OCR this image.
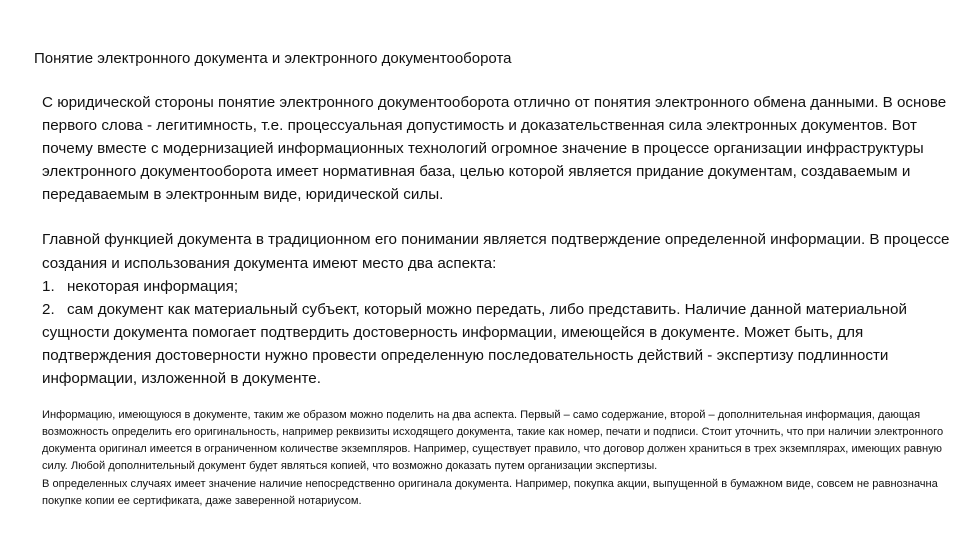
Понятие электронного документа и электронного документооборота

С юридической стороны понятие электронного документооборота отлично от понятия электронного обмена данными. В основе первого слова - легитимность, т.е. процессуальная допустимость и доказательственная сила электронных документов. Вот почему вместе с модернизацией информационных технологий огромное значение в процессе организации инфраструктуры электронного документооборота имеет нормативная база, целью которой является придание документам, создаваемым и передаваемым в электронным виде, юридической силы.

Главной функцией документа в традиционном его понимании является подтверждение определенной информации. В процессе создания и использования документа имеют место два аспекта:

1. некоторая информация;

2. сам документ как материальный субъект, который можно передать, либо представить. Наличие данной материальной сущности документа помогает подтвердить достоверность информации, имеющейся в документе. Может быть, для подтверждения достоверности нужно провести определенную последовательность действий - экспертизу подлинности информации, изложенной в документе.

Информацию, имеющуюся в документе, таким же образом можно поделить на два аспекта. Первый – само содержание, второй – дополнительная информация, дающая возможность определить его оригинальность, например реквизиты исходящего документа, такие как номер, печати и подписи. Стоит уточнить, что при наличии электронного документа оригинал имеется в ограниченном количестве экземпляров. Например, существует правило, что договор должен храниться в трех экземплярах, имеющих равную силу. Любой дополнительный документ будет являться копией, что возможно доказать путем организации экспертизы.

В определенных случаях имеет значение наличие непосредственно оригинала документа. Например, покупка акции, выпущенной в бумажном виде, совсем не равнозначна покупке копии ее сертификата, даже заверенной нотариусом.
